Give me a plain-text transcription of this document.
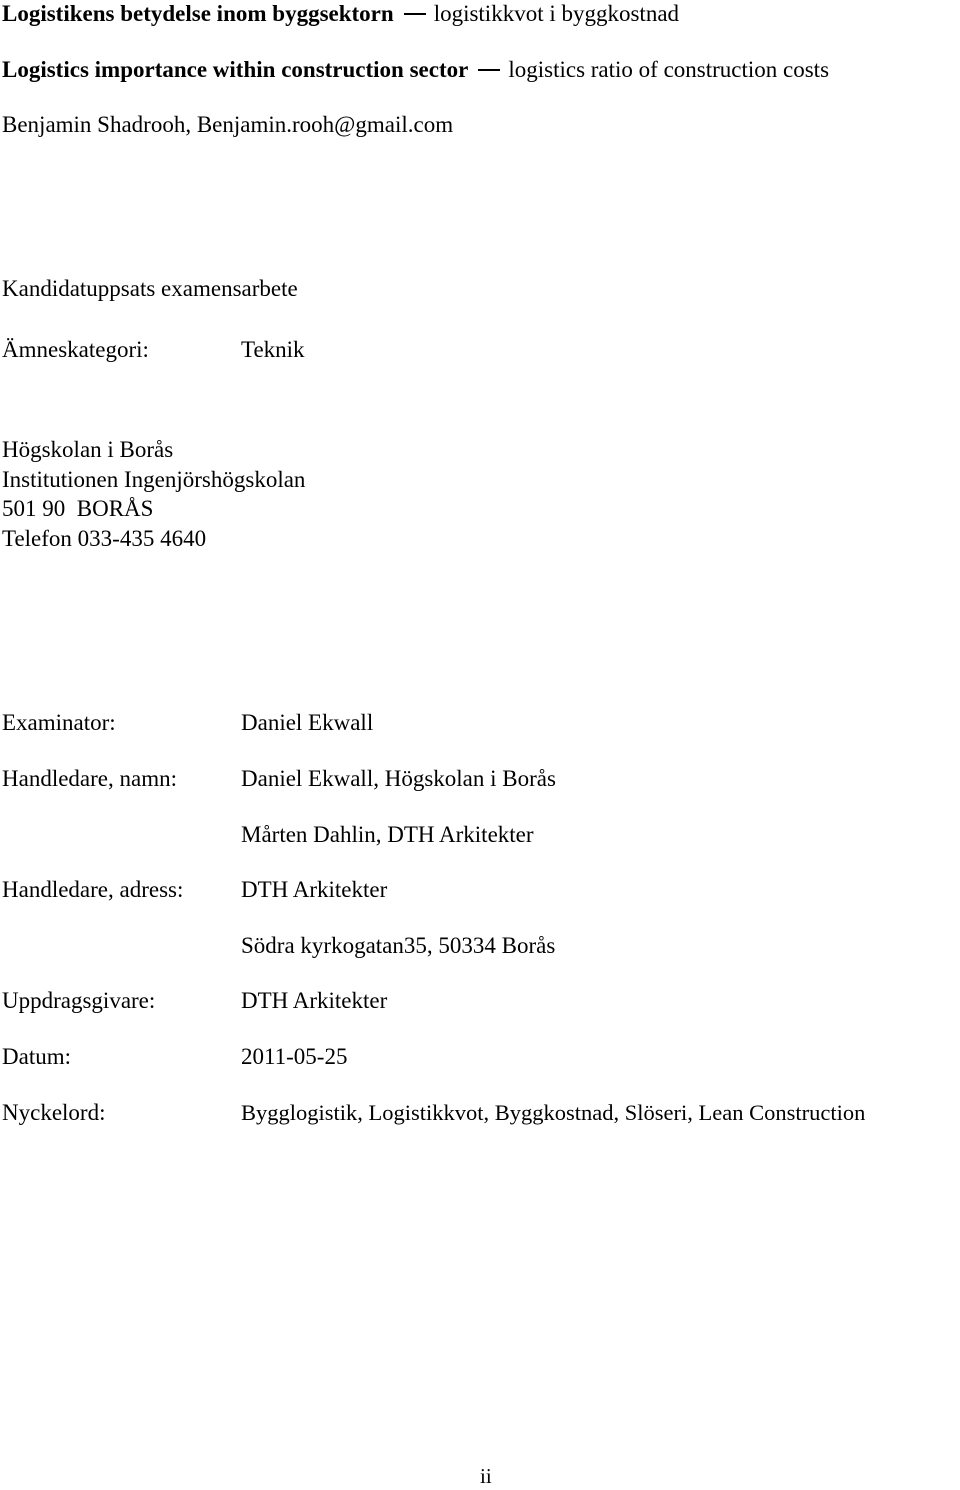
Logistikens betydelse inom byggsektorn logistikkvot i byggkostnad
Logistics importance within construction sector logistics ratio of construction costs
Benjamin Shadrooh, Benjamin.rooh@gmail.com
Kandidatuppsats examensarbete
Ämneskategori:	Teknik
Högskolan i Borås
Institutionen Ingenjörshögskolan
501 90  BORÅS
Telefon 033-435 4640
Examinator:	Daniel Ekwall
Handledare, namn:	Daniel Ekwall, Högskolan i Borås
Mårten Dahlin, DTH Arkitekter
Handledare, adress:	DTH Arkitekter
Södra kyrkogatan35, 50334 Borås
Uppdragsgivare:	DTH Arkitekter
Datum:	2011-05-25
Nyckelord:	Bygglogistik, Logistikkvot, Byggkostnad, Slöseri, Lean Construction
ii
